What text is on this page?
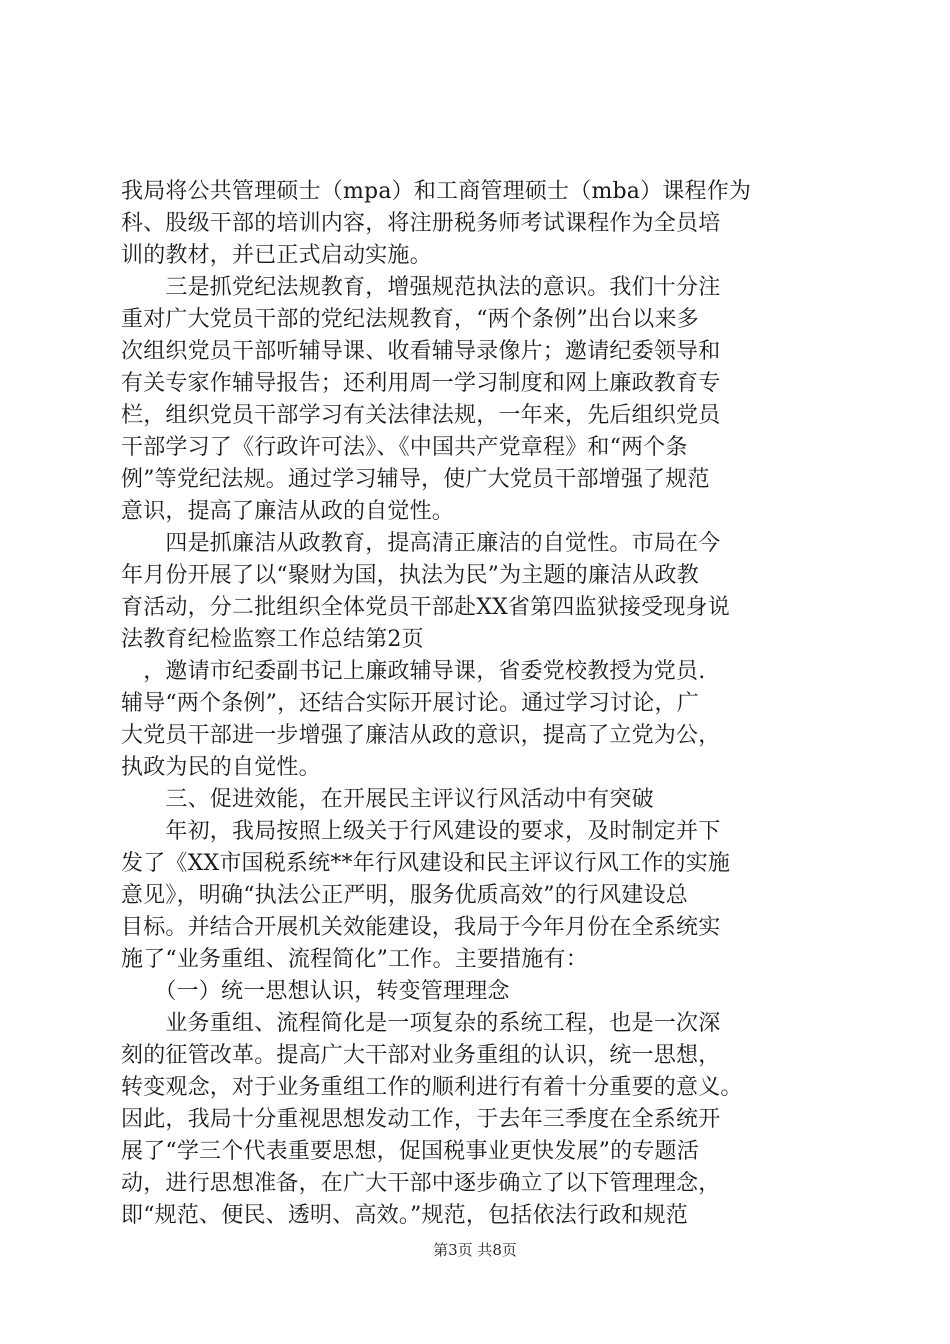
我局将公共管理硕士（mpa）和工商管理硕士（mba）课程作为
科、股级干部的培训内容，将注册税务师考试课程作为全员培
训的教材，并已正式启动实施。
　　三是抓党纪法规教育，增强规范执法的意识。我们十分注
重对广大党员干部的党纪法规教育，“两个条例”出台以来多
次组织党员干部听辅导课、收看辅导录像片；邀请纪委领导和
有关专家作辅导报告；还利用周一学习制度和网上廉政教育专
栏，组织党员干部学习有关法律法规，一年来，先后组织党员
干部学习了《行政许可法》、《中国共产党章程》和“两个条
例”等党纪法规。通过学习辅导，使广大党员干部增强了规范
意识，提高了廉洁从政的自觉性。
　　四是抓廉洁从政教育，提高清正廉洁的自觉性。市局在今
年月份开展了以“聚财为国，执法为民”为主题的廉洁从政教
育活动，分二批组织全体党员干部赴XX省第四监狱接受现身说
法教育纪检监察工作总结第2页
　，邀请市纪委副书记上廉政辅导课，省委党校教授为党员.
辅导“两个条例”，还结合实际开展讨论。通过学习讨论，广
大党员干部进一步增强了廉洁从政的意识，提高了立党为公，
执政为民的自觉性。
　　三、促进效能，在开展民主评议行风活动中有突破
　　年初，我局按照上级关于行风建设的要求，及时制定并下
发了《XX市国税系统**年行风建设和民主评议行风工作的实施
意见》，明确“执法公正严明，服务优质高效”的行风建设总
目标。并结合开展机关效能建设，我局于今年月份在全系统实
施了“业务重组、流程简化”工作。主要措施有：
　　（一）统一思想认识，转变管理理念
　　业务重组、流程简化是一项复杂的系统工程，也是一次深
刻的征管改革。提高广大干部对业务重组的认识，统一思想，
转变观念，对于业务重组工作的顺利进行有着十分重要的意义。
因此，我局十分重视思想发动工作，于去年三季度在全系统开
展了“学三个代表重要思想，促国税事业更快发展”的专题活
动，进行思想准备，在广大干部中逐步确立了以下管理理念，
即“规范、便民、透明、高效。”规范，包括依法行政和规范
第3页 共8页
